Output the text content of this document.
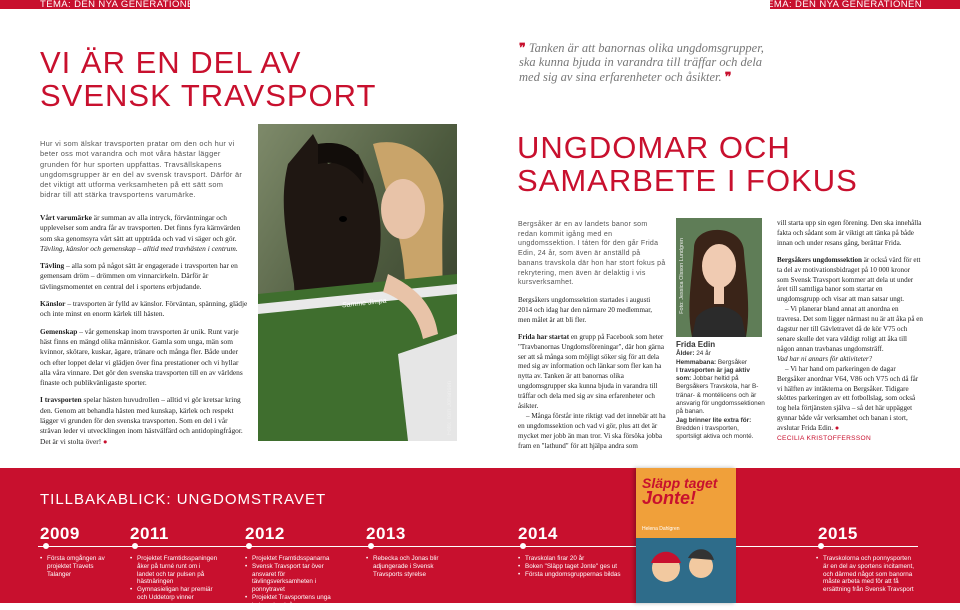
TEMA: DEN NYA GENERATIONEN	TEMA: DEN NYA GENERATIONEN
VI ÄR EN DEL AV
SVENSK TRAVSPORT
Hur vi som älskar travsporten pratar om den och hur vi beter oss mot varandra och mot våra hästar lägger grunden för hur sporten uppfattas. Travsällskapens ungdomsgrupper är en del av svensk travsport. Därför är det viktigt att utforma verksamheten på ett sätt som bidrar till att stärka travsportens varumärke.

Vårt varumärke är summan av alla intryck, förväntningar och upplevelser som andra får av travsporten. Det finns fyra kärnvärden som ska genomsyra vårt sätt att uppträda och vad vi säger och gör. Tävling, känslor och gemenskap – alltid med travhästen i centrum.

Tävling – alla som på något sätt är engagerade i travsporten har en gemensam dröm – drömmen om vinnarcirkeln. Därför är tävlingsmomentet en central del i sportens erbjudande.

Känslor – travsporten är fylld av känslor. Förväntan, spänning, glädje och inte minst en enorm kärlek till hästen.

Gemenskap – vår gemenskap inom travsporten är unik. Runt varje häst finns en mängd olika människor. Gamla som unga, män som kvinnor, skötare, kuskar, ägare, tränare och många fler. Både under och efter loppet delar vi glädjen över fina prestationer och vi hyllar alla våra vinnare. Det gör den svenska travsporten till en av världens finaste och publikvänligaste sporter.

I travsporten spelar hästen huvudrollen – alltid vi gör kretsar kring den. Genom att behandla hästen med kunskap, kärlek och respekt lägger vi grunden för den svenska travsporten. Som en del i vår strävan leder vi utvecklingen inom hästvälfärd och antidopingfrågor. Det är vi stolta över! ●

Samme Jimpa
Foto: Tom Johansen
❞ Tanken är att banornas olika ungdomsgrupper, ska kunna bjuda in varandra till träffar och dela med sig av sina erfarenheter och åsikter. ❞
UNGDOMAR OCH
SAMARBETE I FOKUS
Bergsåker är en av landets banor som redan kommit igång med en ungdomssektion. I táten för den går Frida Edin, 24 år, som även är anställd på banans travskola där hon har stort fokus på rekrytering, men även är delaktig i vis kursverksamhet.

Bergsåkers ungdomssektion startades i augusti 2014 och idag har den närmare 20 medlemmar, men målet är att bli fler.

Frida har startat en grupp på Facebook som heter "Travbanornas Ungdomsföreningar", där hon gärna ser att så många som möjligt söker sig för att dela med sig av information och länkar som fler kan ha nytta av. Tanken är att banornas olika ungdomsgrupper ska kunna bjuda in varandra till träffar och dela med sig av sina erfarenheter och åsikter.

– Många förstår inte riktigt vad det innebär att ha en ungdomssektion och vad vi gör, plus att det är mycket mer jobb än man tror. Vi ska försöka jobba fram en "lathund" för att hjälpa andra som

Foto: Jessica Olsson Lundgren
Frida Edin
Ålder: 24 år
Hemmabana: Bergsåker
I travsporten är jag aktiv som: Jobbar heltid på Bergsåkers Travskola, har B-tränar- & montélicens och är ansvarig för ungdomssektionen på banan.
Jag brinner lite extra för: Bredden i travsporten, sportsligt aktiva och monté.

vill starta upp sin egen förening. Den ska innehålla fakta och sådant som är viktigt att tänka på både innan och under resans gång, berättar Frida.

Bergsåkers ungdomssektion är också värd för ett ta del av motivationsbidraget på 10 000 kronor som Svensk Travsport kommer att dela ut under året till samtliga banor som startar en ungdomsgrupp och visar att man satsar ungt.

– Vi planerar bland annat att anordna en travresa. Det som ligger närmast nu är att åka på en dagstur ner till Gävletravet då de kör V75 och senare skulle det vara väldigt roligt att åka till någon annan travbanas ungdomsträff.

Vad har ni annars för aktiviteter?

– Vi har hand om parkeringen de dagar Bergsåker anordnar V64, V86 och V75 och då får vi hälften av intäkterna on Bergsåker. Tidigare sköttes parkeringen av ett fotbollslag, som också tog hela förtjänsten själva – så det här uppägget gynnar både vår verksamhet och banan i stort, avslutar Frida Edin. ●

CECILIA KRISTOFFERSSON
TILLBAKABLICK: UNGDOMSTRAVET
2009
• Första omgången av projektet Travets Talanger
2011
• Projektet Framtidsspaningen åker på turné runt om i landet och tar pulsen på hästnäringen
• Gymnasieligan har premiär och Uddetorp vinner
2012
• Projektet Framtidsspanarna
• Svensk Travsport tar över ansvaret för tävlingsverksamheten i ponnytravet
• Projektet Travsportens unga ledare drar igång
2013
• Rebecka och Jonas blir adjungerade i Svensk Travsports styrelse
2014
• Travskolan firar 20 år
• Boken "Släpp taget Jonte" ges ut
• Första ungdomsgruppernas bildas
Släpp taget
Jonte!
Helena Dahlgren	2015
• Travskolorna och ponnysporten är en del av sportens incitament, och därmed något som banorna måste arbeta med för att få ersättning från Svensk Travsport
